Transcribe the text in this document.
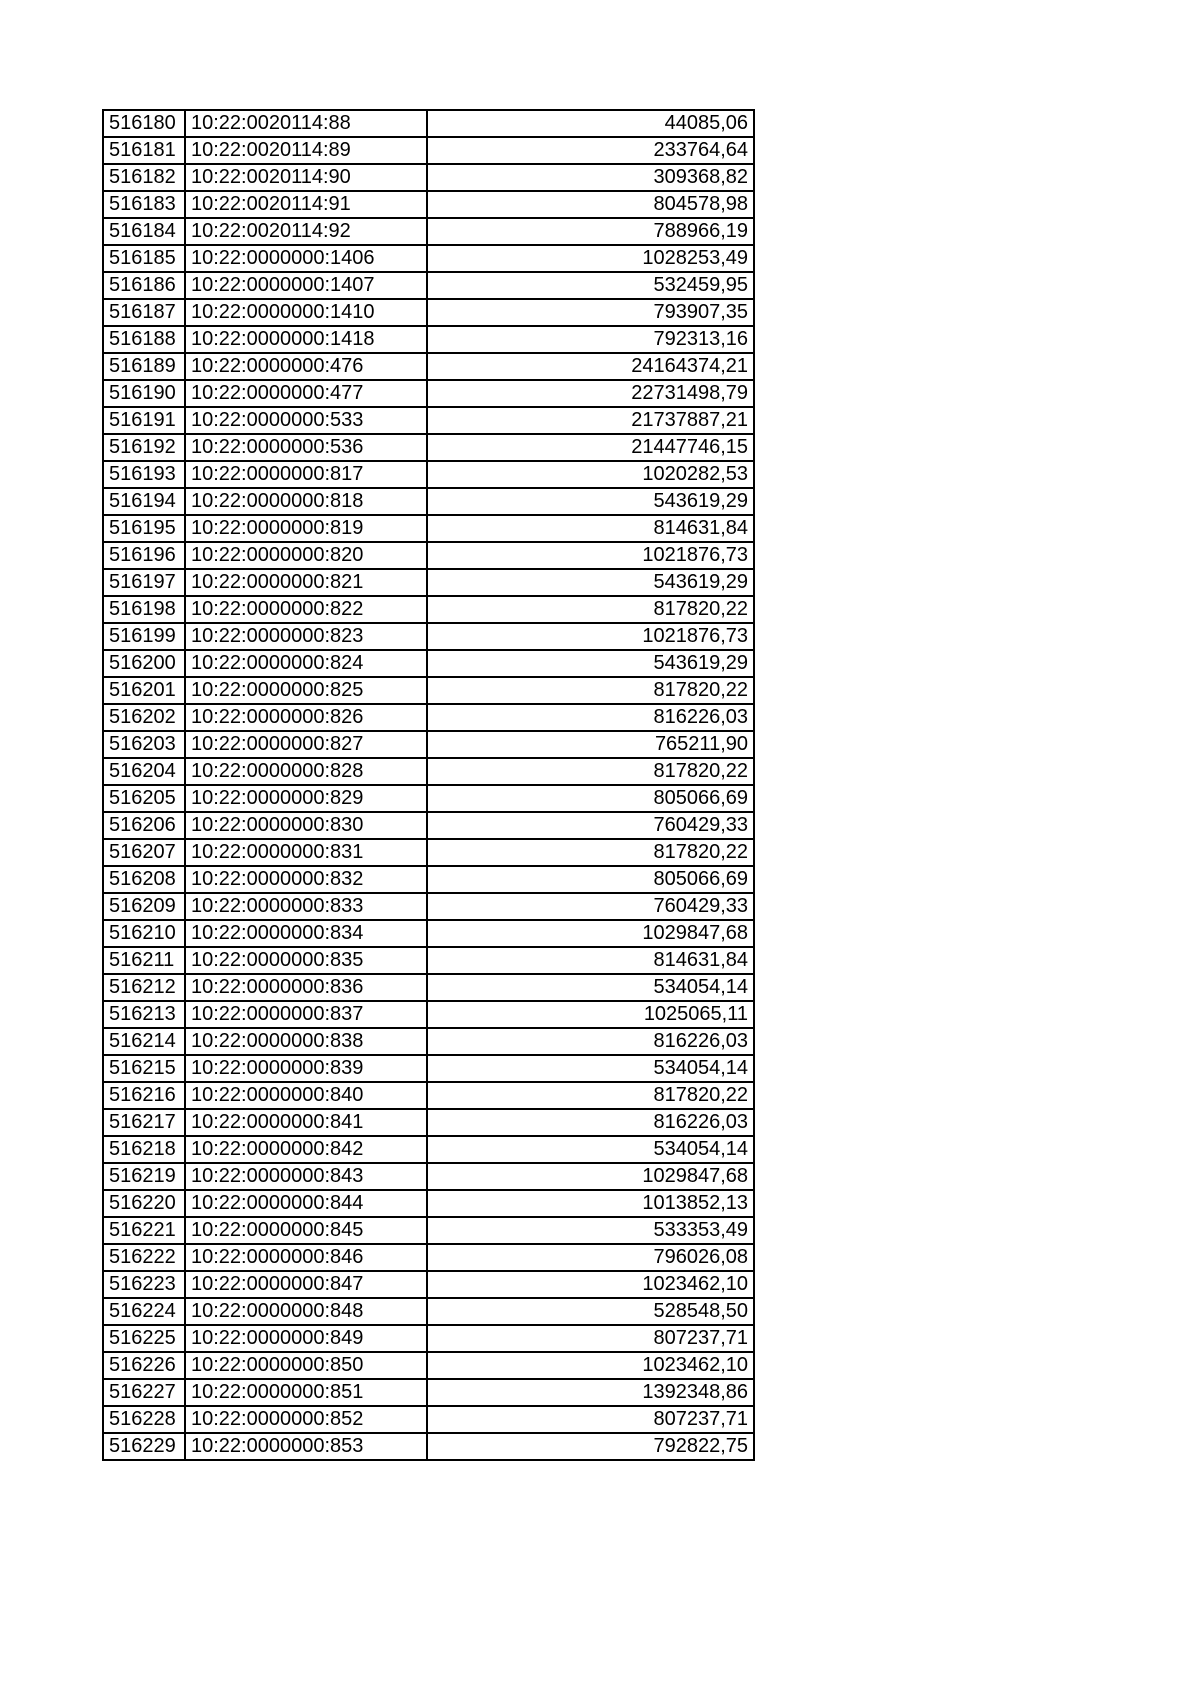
516180	10:22:0020114:88	44085,06
516181	10:22:0020114:89	233764,64
516182	10:22:0020114:90	309368,82
516183	10:22:0020114:91	804578,98
516184	10:22:0020114:92	788966,19
516185	10:22:0000000:1406	1028253,49
516186	10:22:0000000:1407	532459,95
516187	10:22:0000000:1410	793907,35
516188	10:22:0000000:1418	792313,16
516189	10:22:0000000:476	24164374,21
516190	10:22:0000000:477	22731498,79
516191	10:22:0000000:533	21737887,21
516192	10:22:0000000:536	21447746,15
516193	10:22:0000000:817	1020282,53
516194	10:22:0000000:818	543619,29
516195	10:22:0000000:819	814631,84
516196	10:22:0000000:820	1021876,73
516197	10:22:0000000:821	543619,29
516198	10:22:0000000:822	817820,22
516199	10:22:0000000:823	1021876,73
516200	10:22:0000000:824	543619,29
516201	10:22:0000000:825	817820,22
516202	10:22:0000000:826	816226,03
516203	10:22:0000000:827	765211,90
516204	10:22:0000000:828	817820,22
516205	10:22:0000000:829	805066,69
516206	10:22:0000000:830	760429,33
516207	10:22:0000000:831	817820,22
516208	10:22:0000000:832	805066,69
516209	10:22:0000000:833	760429,33
516210	10:22:0000000:834	1029847,68
516211	10:22:0000000:835	814631,84
516212	10:22:0000000:836	534054,14
516213	10:22:0000000:837	1025065,11
516214	10:22:0000000:838	816226,03
516215	10:22:0000000:839	534054,14
516216	10:22:0000000:840	817820,22
516217	10:22:0000000:841	816226,03
516218	10:22:0000000:842	534054,14
516219	10:22:0000000:843	1029847,68
516220	10:22:0000000:844	1013852,13
516221	10:22:0000000:845	533353,49
516222	10:22:0000000:846	796026,08
516223	10:22:0000000:847	1023462,10
516224	10:22:0000000:848	528548,50
516225	10:22:0000000:849	807237,71
516226	10:22:0000000:850	1023462,10
516227	10:22:0000000:851	1392348,86
516228	10:22:0000000:852	807237,71
516229	10:22:0000000:853	792822,75
